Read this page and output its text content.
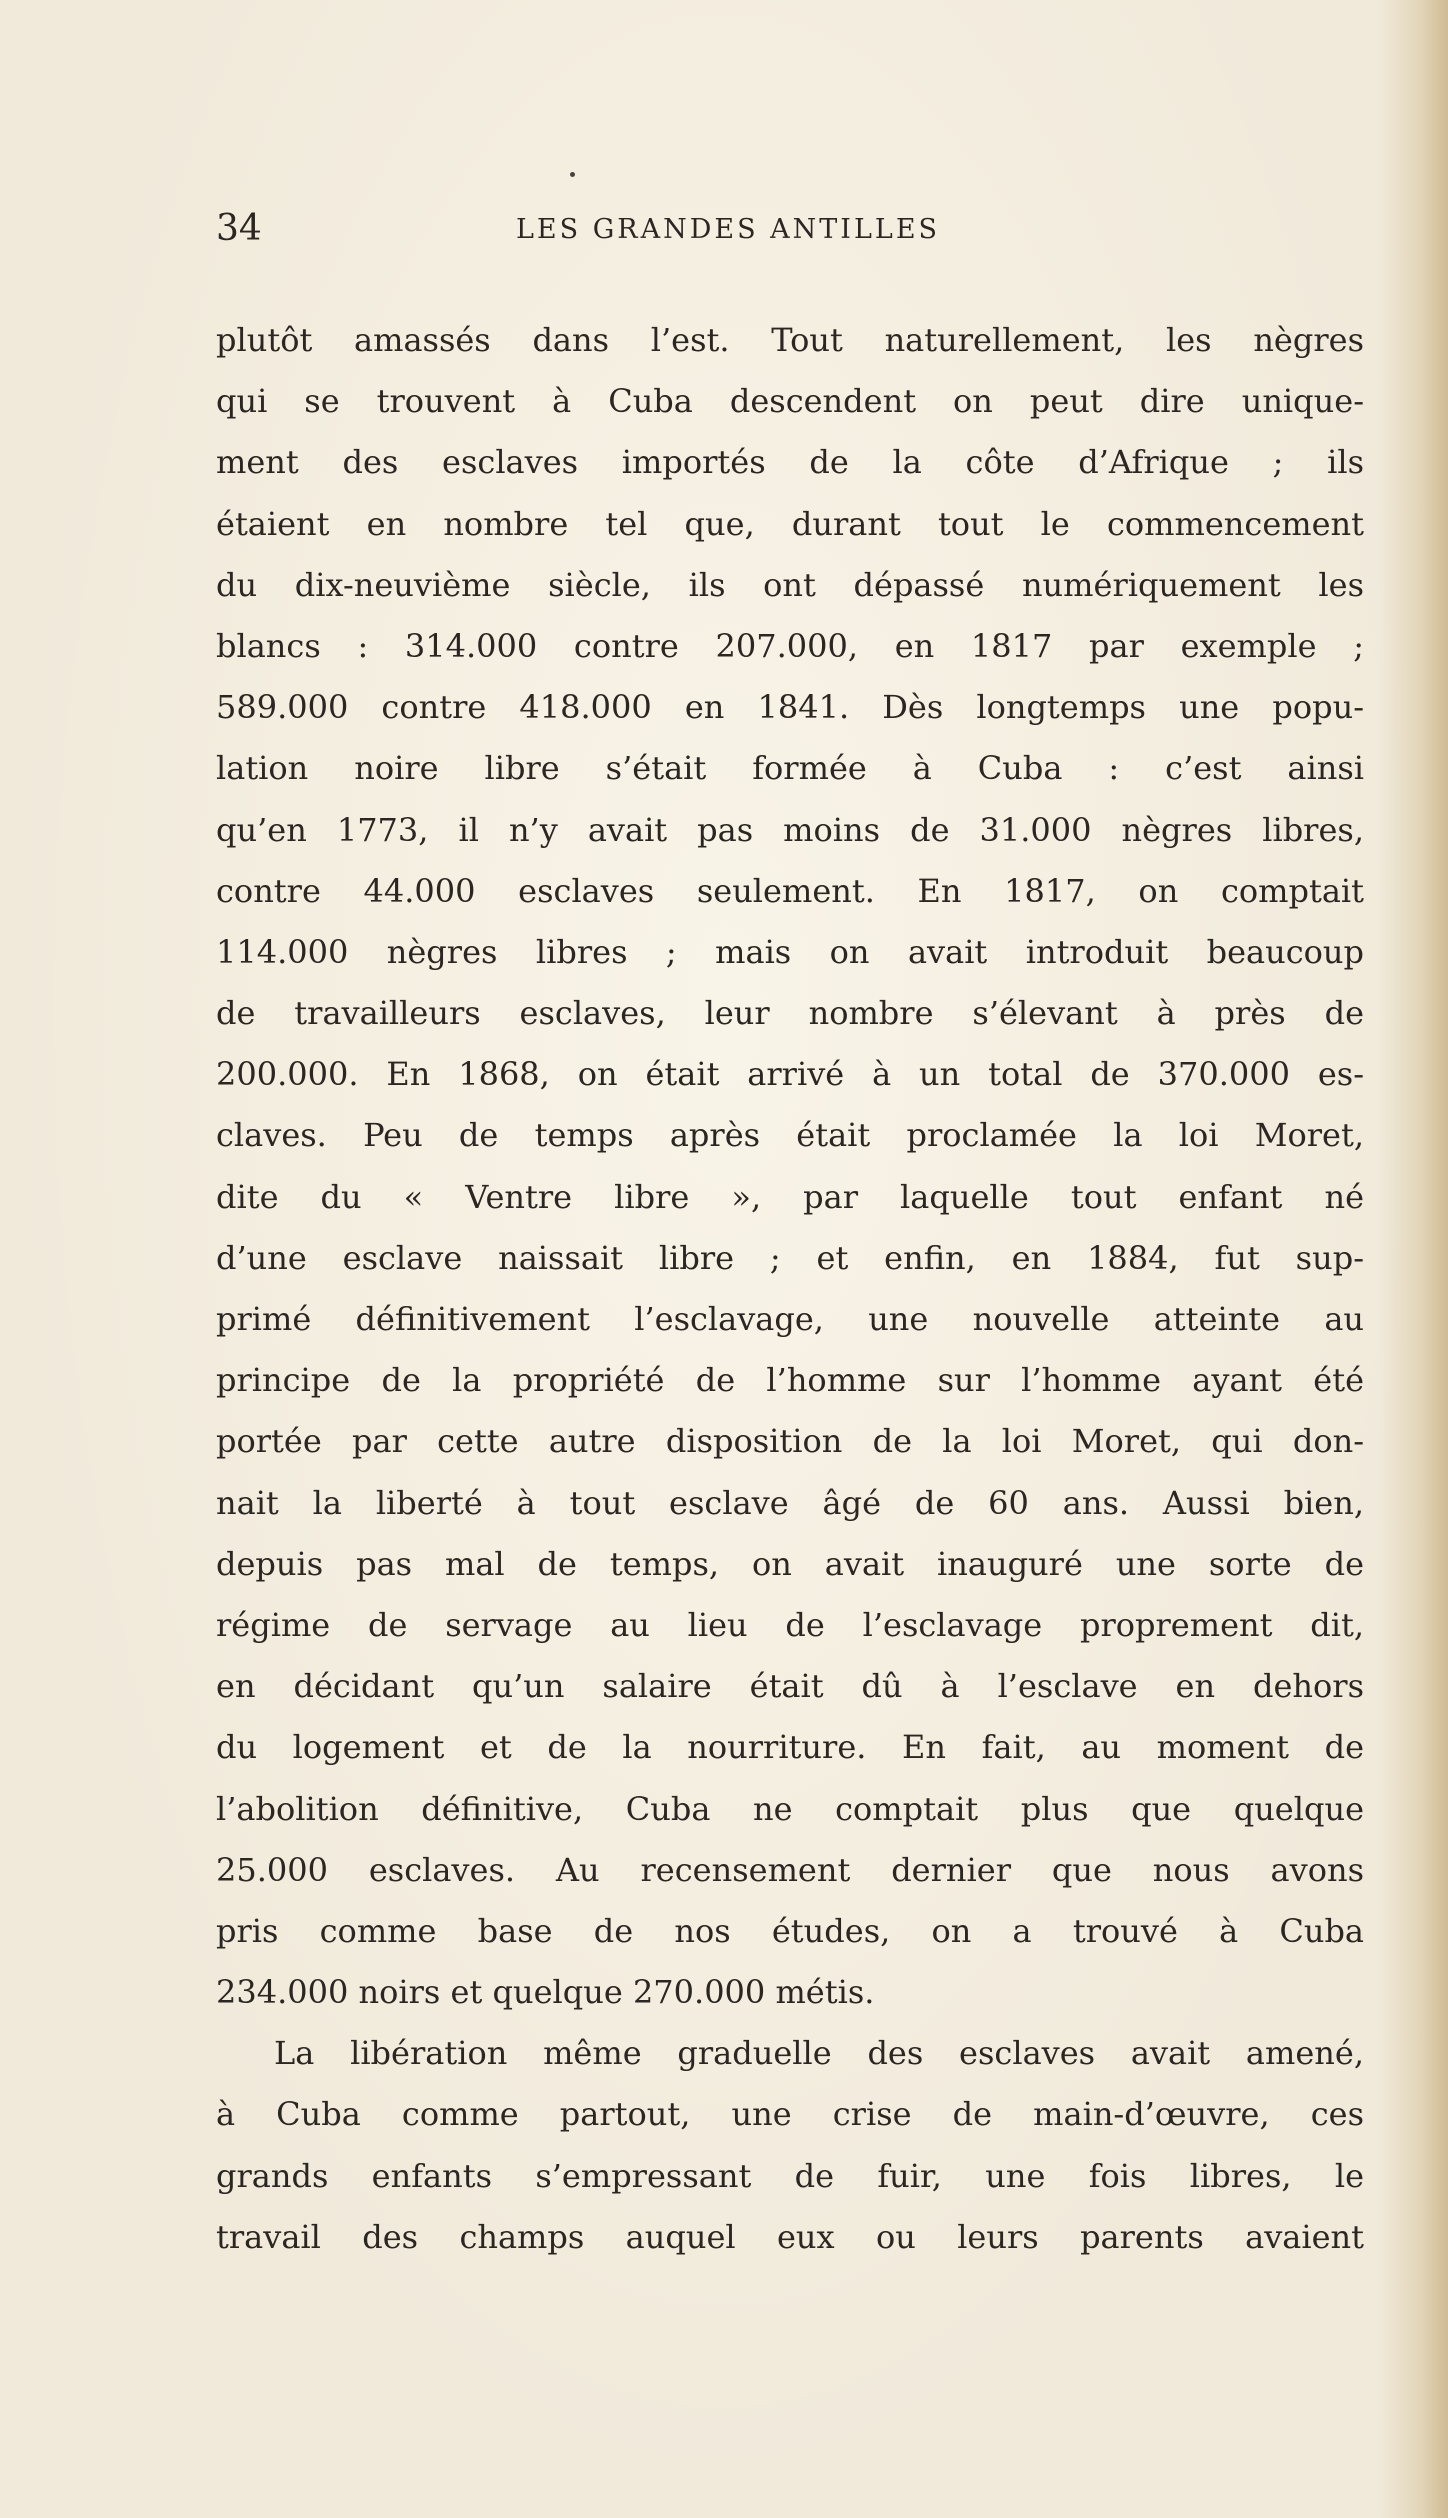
34	LES GRANDES ANTILLES
plutôt amassés dans l’est. Tout naturellement, les nègres
qui se trouvent à Cuba descendent on peut dire unique-
ment des esclaves importés de la côte d’Afrique ; ils
étaient en nombre tel que, durant tout le commencement
du dix-neuvième siècle, ils ont dépassé numériquement les
blancs : 314.000 contre 207.000, en 1817 par exemple ;
589.000 contre 418.000 en 1841. Dès longtemps une popu-
lation noire libre s’était formée à Cuba : c’est ainsi
qu’en 1773, il n’y avait pas moins de 31.000 nègres libres,
contre 44.000 esclaves seulement. En 1817, on comptait
114.000 nègres libres ; mais on avait introduit beaucoup
de travailleurs esclaves, leur nombre s’élevant à près de
200.000. En 1868, on était arrivé à un total de 370.000 es-
claves. Peu de temps après était proclamée la loi Moret,
dite du « Ventre libre », par laquelle tout enfant né
d’une esclave naissait libre ; et enfin, en 1884, fut sup-
primé définitivement l’esclavage, une nouvelle atteinte au
principe de la propriété de l’homme sur l’homme ayant été
portée par cette autre disposition de la loi Moret, qui don-
nait la liberté à tout esclave âgé de 60 ans. Aussi bien,
depuis pas mal de temps, on avait inauguré une sorte de
régime de servage au lieu de l’esclavage proprement dit,
en décidant qu’un salaire était dû à l’esclave en dehors
du logement et de la nourriture. En fait, au moment de
l’abolition définitive, Cuba ne comptait plus que quelque
25.000 esclaves. Au recensement dernier que nous avons
pris comme base de nos études, on a trouvé à Cuba
234.000 noirs et quelque 270.000 métis.
La libération même graduelle des esclaves avait amené,
à Cuba comme partout, une crise de main-d’œuvre, ces
grands enfants s’empressant de fuir, une fois libres, le
travail des champs auquel eux ou leurs parents avaient
